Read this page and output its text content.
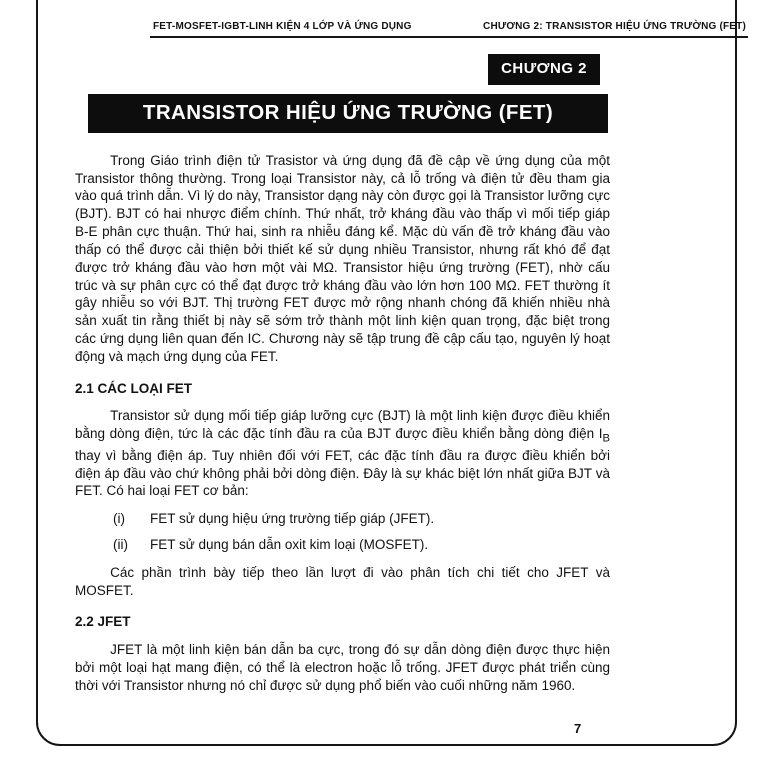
FET-MOSFET-IGBT-LINH KIỆN 4 LỚP VÀ ỨNG DỤNG	CHƯƠNG 2: TRANSISTOR HIỆU ỨNG TRƯỜNG (FET)
CHƯƠNG 2
TRANSISTOR HIỆU ỨNG TRƯỜNG (FET)

Trong Giáo trình điện tử Trasistor và ứng dụng đã đề cập về ứng dụng của một Transistor thông thường. Trong loại Transistor này, cả lỗ trống và điện tử đều tham gia vào quá trình dẫn. Vì lý do này, Transistor dạng này còn được gọi là Transistor lưỡng cực (BJT). BJT có hai nhược điểm chính. Thứ nhất, trở kháng đầu vào thấp vì mối tiếp giáp B-E phân cực thuận. Thứ hai, sinh ra nhiễu đáng kể. Mặc dù vấn đề trở kháng đầu vào thấp có thể được cải thiện bởi thiết kế sử dụng nhiều Transistor, nhưng rất khó để đạt được trở kháng đầu vào hơn một vài MΩ. Transistor hiệu ứng trường (FET), nhờ cấu trúc và sự phân cực có thể đạt được trở kháng đầu vào lớn hơn 100 MΩ. FET thường ít gây nhiễu so với BJT. Thị trường FET được mở rộng nhanh chóng đã khiến nhiều nhà sản xuất tin rằng thiết bị này sẽ sớm trở thành một linh kiện quan trọng, đặc biệt trong các ứng dụng liên quan đến IC. Chương này sẽ tập trung đề cập cấu tạo, nguyên lý hoạt động và mạch ứng dụng của FET.

2.1 CÁC LOẠI FET

Transistor sử dụng mối tiếp giáp lưỡng cực (BJT) là một linh kiện được điều khiển bằng dòng điện, tức là các đặc tính đầu ra của BJT được điều khiển bằng dòng điện $I_B$ thay vì bằng điện áp. Tuy nhiên đối với FET, các đặc tính đầu ra được điều khiển bởi điện áp đầu vào chứ không phải bởi dòng điện. Đây là sự khác biệt lớn nhất giữa BJT và FET. Có hai loại FET cơ bản:

(i)	FET sử dụng hiệu ứng trường tiếp giáp (JFET).
(ii)	FET sử dụng bán dẫn oxit kim loại (MOSFET).

Các phần trình bày tiếp theo lần lượt đi vào phân tích chi tiết cho JFET và MOSFET.

2.2 JFET

JFET là một linh kiện bán dẫn ba cực, trong đó sự dẫn dòng điện được thực hiện bởi một loại hạt mang điện, có thể là electron hoặc lỗ trống. JFET được phát triển cùng thời với Transistor nhưng nó chỉ được sử dụng phổ biến vào cuối những năm 1960.

7
